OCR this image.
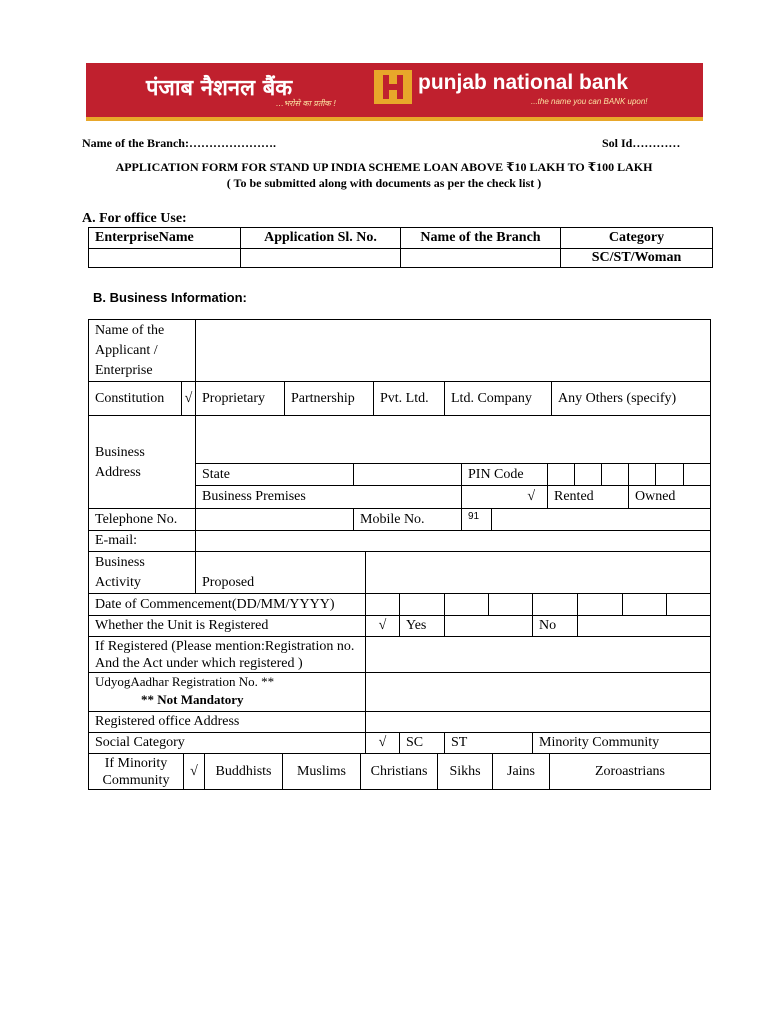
पंजाब नैशनल बैंक
...भरोसे का प्रतीक !
punjab national bank
...the name you can BANK upon!
Name of the Branch:………………….	Sol Id…………
APPLICATION FORM FOR STAND UP INDIA SCHEME LOAN ABOVE ₹10 LAKH TO ₹100 LAKH
( To be submitted along with documents as per the check list )
A. For office Use:
EnterpriseName	Application Sl. No.	Name of the Branch	Category
			SC/ST/Woman
B. Business Information:
Name of the Applicant / Enterprise	
Constitution	√	Proprietary	Partnership	Pvt. Ltd.	Ltd. Company	Any Others (specify)
Business Address									
	State		PIN Code						
	Business Premises		√	Rented			Owned		
Telephone No.		Mobile No.	91	
E-mail:				
Business Activity	Proposed	
Date of Commencement(DD/MM/YYYY)								
Whether the Unit is Registered	√	Yes		No	
If Registered (Please mention:Registration no. And the Act under which registered )				

UdyogAadhar Registration No. **
** Not Mandatory				

Registered office Address				
Social Category	√	SC	ST	Minority Community
If Minority Community	√	Buddhists	Muslims	Christians	Sikhs	Jains	Zoroastrians
